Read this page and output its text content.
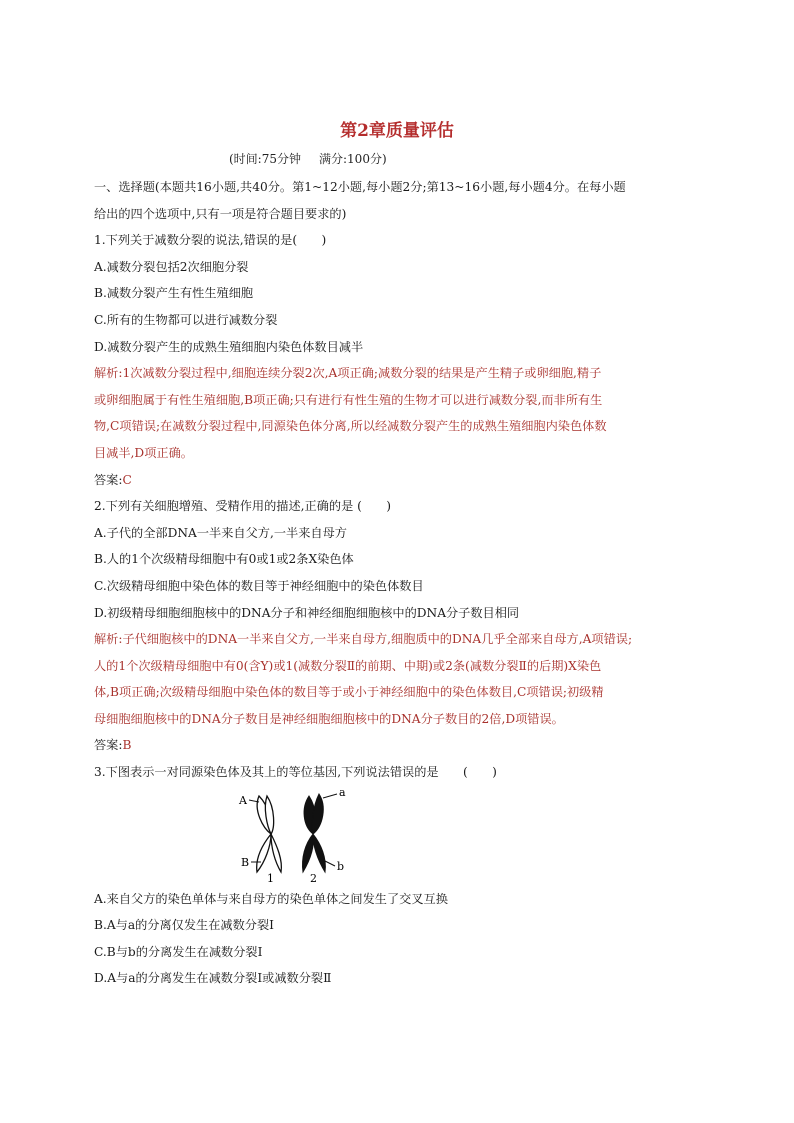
第2章质量评估
(时间:75分钟 满分:100分)

一、选择题(本题共16小题,共40分。第1~12小题,每小题2分;第13~16小题,每小题4分。在每小题

给出的四个选项中,只有一项是符合题目要求的)

1.下列关于减数分裂的说法,错误的是(　　)

A.减数分裂包括2次细胞分裂

B.减数分裂产生有性生殖细胞

C.所有的生物都可以进行减数分裂

D.减数分裂产生的成熟生殖细胞内染色体数目减半

解析:1次减数分裂过程中,细胞连续分裂2次,A项正确;减数分裂的结果是产生精子或卵细胞,精子

或卵细胞属于有性生殖细胞,B项正确;只有进行有性生殖的生物才可以进行减数分裂,而非所有生

物,C项错误;在减数分裂过程中,同源染色体分离,所以经减数分裂产生的成熟生殖细胞内染色体数

目减半,D项正确。

答案:C

2.下列有关细胞增殖、受精作用的描述,正确的是 (　　)

A.子代的全部DNA一半来自父方,一半来自母方

B.人的1个次级精母细胞中有0或1或2条X染色体

C.次级精母细胞中染色体的数目等于神经细胞中的染色体数目

D.初级精母细胞细胞核中的DNA分子和神经细胞细胞核中的DNA分子数目相同

解析:子代细胞核中的DNA一半来自父方,一半来自母方,细胞质中的DNA几乎全部来自母方,A项错误;

人的1个次级精母细胞中有0(含Y)或1(减数分裂Ⅱ的前期、中期)或2条(减数分裂Ⅱ的后期)X染色

体,B项正确;次级精母细胞中染色体的数目等于或小于神经细胞中的染色体数目,C项错误;初级精

母细胞细胞核中的DNA分子数目是神经细胞细胞核中的DNA分子数目的2倍,D项错误。

答案:B

3.下图表示一对同源染色体及其上的等位基因,下列说法错误的是　　(　　)

A
a
B	b
1	2

A.来自父方的染色单体与来自母方的染色单体之间发生了交叉互换

B.A与a的分离仅发生在减数分裂Ⅰ

C.B与b的分离发生在减数分裂Ⅰ

D.A与a的分离发生在减数分裂Ⅰ或减数分裂Ⅱ
